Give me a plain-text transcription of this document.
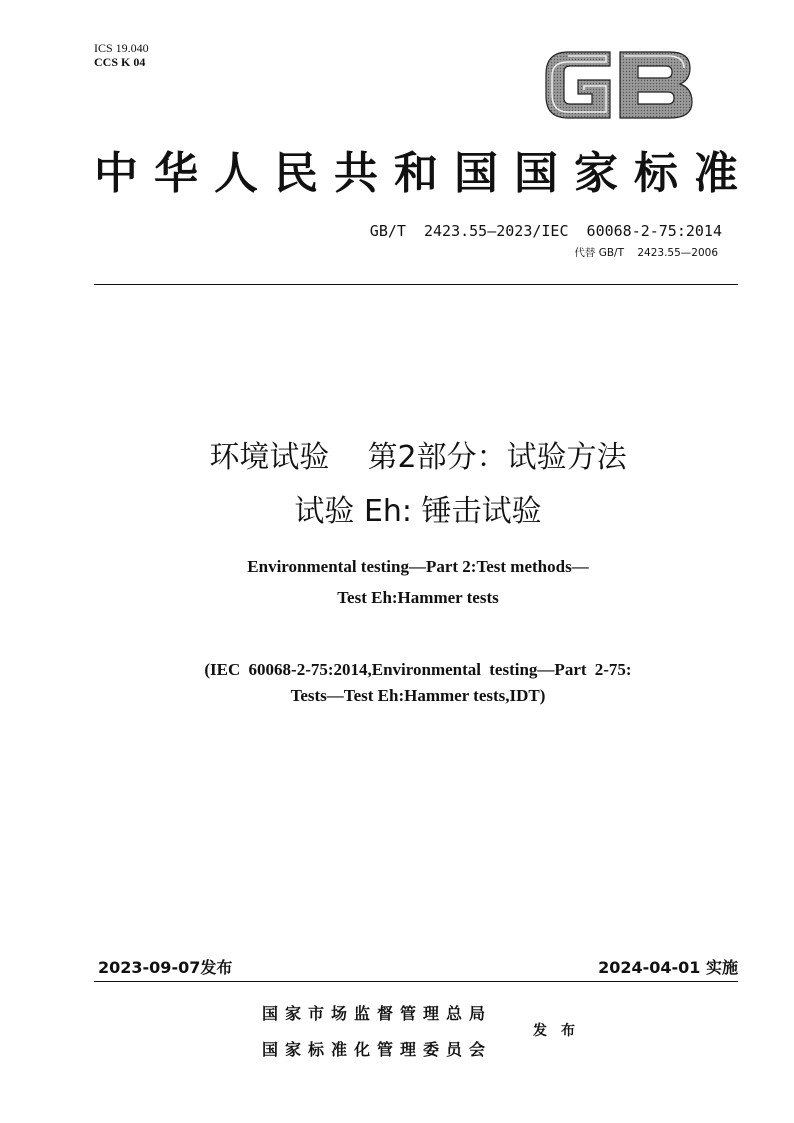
ICS 19.040
CCS K 04
中 华 人 民 共 和 国 国 家 标 准
GB/T  2423.55—2023/IEC  60068-2-75:2014
代替 GB/T    2423.55—2006
环境试验    第2部分：试验方法
试验 Eh: 锤击试验
Environmental testing—Part 2:Test methods—
Test Eh:Hammer tests
(IEC 60068-2-75:2014,Environmental testing—Part 2-75:
Tests—Test Eh:Hammer tests,IDT)
2023-09-07发布	2024-04-01 实施
国家市场监督管理总局
国家标准化管理委员会
发布
